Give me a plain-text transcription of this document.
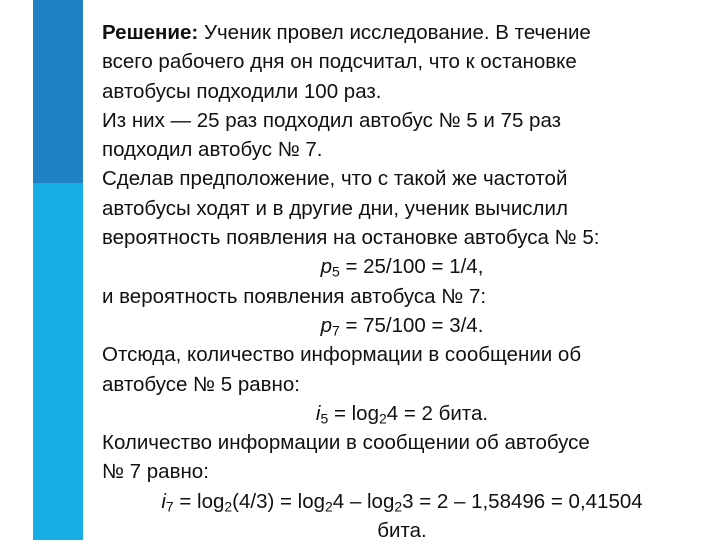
Решение: Ученик провел исследование. В течение
всего рабочего дня он подсчитал, что к остановке
автобусы подходили 100 раз.
Из них — 25 раз подходил автобус № 5 и 75 раз
подходил автобус № 7.
Сделав предположение, что с такой же частотой
автобусы ходят и в другие дни, ученик вычислил
вероятность появления на остановке автобуса № 5:
$p_5 = 25/100 = 1/4$,
и вероятность появления автобуса № 7:
$p_7 = 75/100 = 3/4$.
Отсюда, количество информации в сообщении об
автобусе № 5 равно:
$i_5 = \log_24 = 2$ бита.
Количество информации в сообщении об автобусе
№ 7 равно:
$i_7 = \log_2(4/3) = \log_24 - \log_23 = 2 - 1,58496 = 0,41504$
бита.
